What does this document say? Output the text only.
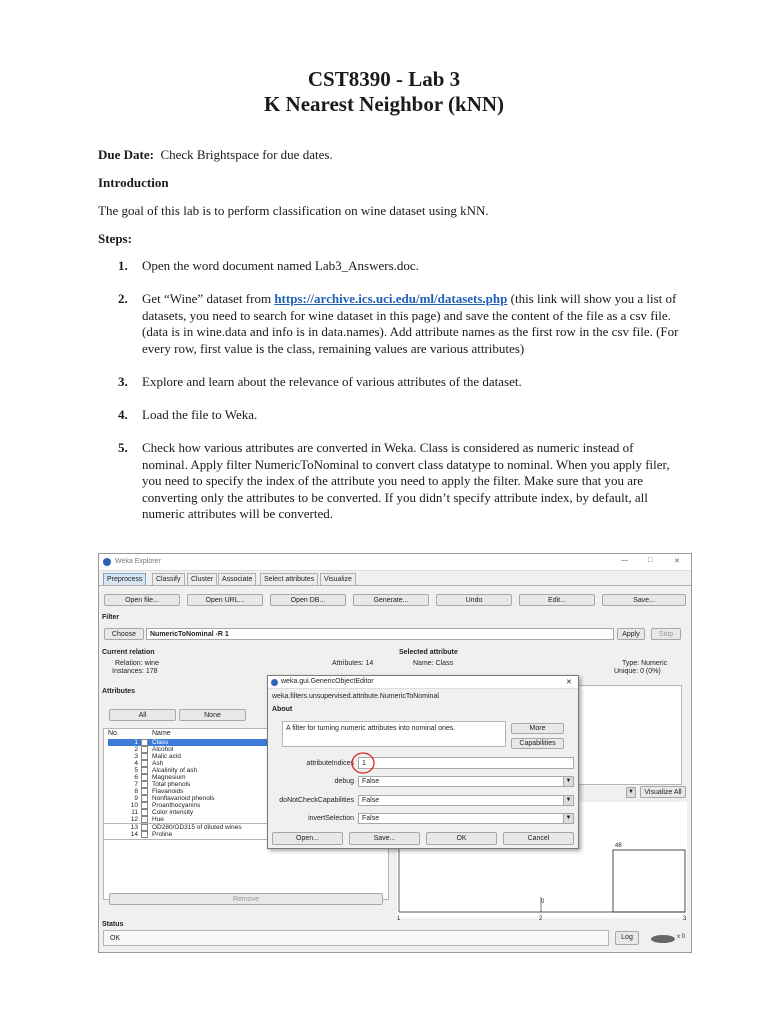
CST8390 - Lab 3
K Nearest Neighbor (kNN)
Due Date: Check Brightspace for due dates.
Introduction
The goal of this lab is to perform classification on wine dataset using kNN.
Steps:
1. Open the word document named Lab3_Answers.doc.
2. Get “Wine” dataset from https://archive.ics.uci.edu/ml/datasets.php (this link will show you a list of datasets, you need to search for wine dataset in this page) and save the content of the file as a csv file. (data is in wine.data and info is in data.names). Add attribute names as the first row in the csv file. (For every row, first value is the class, remaining values are various attributes)
3. Explore and learn about the relevance of various attributes of the dataset.
4. Load the file to Weka.
5. Check how various attributes are converted in Weka. Class is considered as numeric instead of nominal. Apply filter NumericToNominal to convert class datatype to nominal. When you apply filer, you need to specify the index of the attribute you need to apply the filter. Make sure that you are converting only the attributes to be converted. If you didn’t specify attribute index, by default, all numeric attributes will be converted.
Weka Explorer	—	□	✕
Preprocess	Classify	Cluster	Associate	Select attributes	Visualize
Open file...	Open URL...	Open DB...	Generate...	Undo	Edit...	Save...
Filter
Choose	NumericToNominal -R 1	Apply	Stop
Current relation
Relation: wine
Instances: 178
Attributes: 14
Attributes
All	None
No.	Name
1 Class
2 Alcohol
3 Malic acid
4 Ash
5 Alcalinity of ash
6 Magnesium
7 Total phenols
8 Flavanoids
9 Nonflavanoid phenols
10 Proanthocyanins
11 Color intensity
12 Hue
13 OD280/OD315 of diluted wines
14 Proline
Remove
Selected attribute
Name: Class	Type: Numeric
Unique: 0 (0%)
▼	Visualize All
48
0
1	2	3
Status
OK	Log	x 0
weka.gui.GenericObjectEditor	✕
weka.filters.unsupervised.attribute.NumericToNominal
About
A filter for turning numeric attributes into nominal ones.	More
Capabilities
attributeIndices	1
debug	False	▼
doNotCheckCapabilities	False	▼
invertSelection	False	▼
Open...	Save...	OK	Cancel
